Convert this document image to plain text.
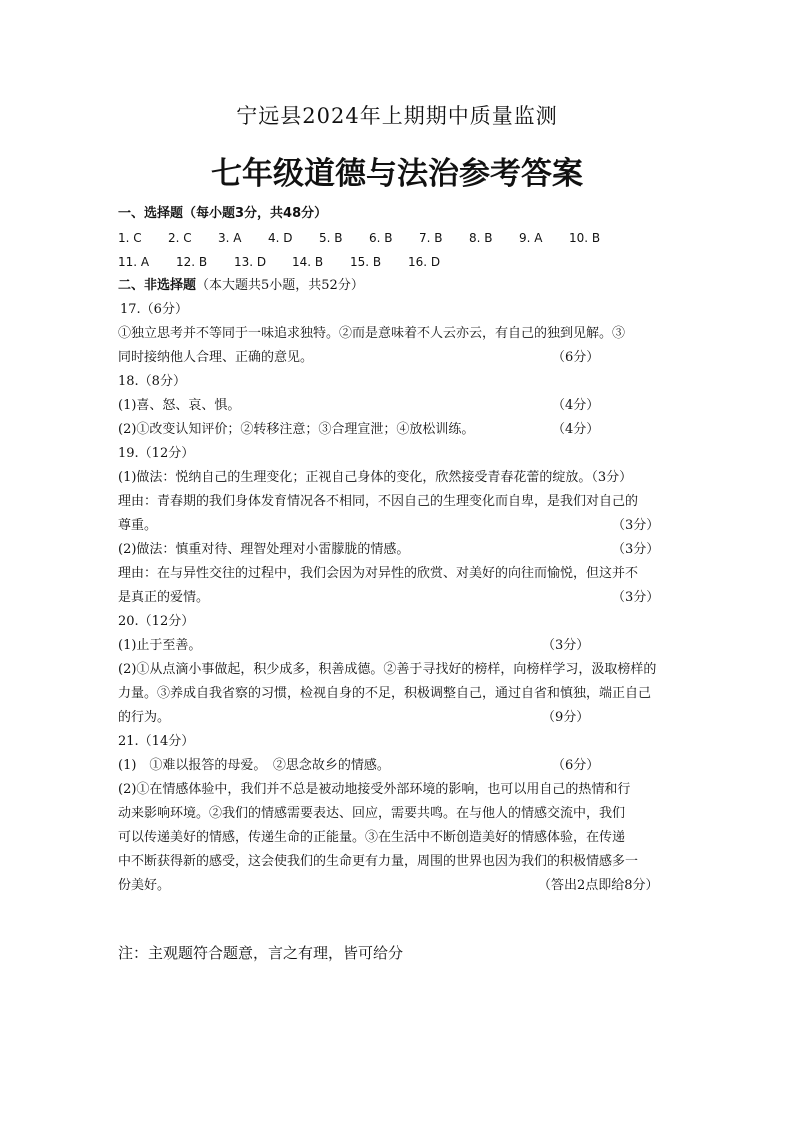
宁远县2024年上期期中质量监测
七年级道德与法治参考答案
一、选择题（每小题3分，共48分）
1. C 2. C 3. A 4. D 5. B 6. B 7. B 8. B 9. A 10. B
11. A 12. B 13. D 14. B 15. B 16. D
二、非选择题（本大题共5小题，共52分）
17.（6分）
①独立思考并不等同于一味追求独特。②而是意味着不人云亦云，有自己的独到见解。③
同时接纳他人合理、正确的意见。	（6分）
18.（8分）
(1)喜、怒、哀、惧。	（4分）
(2)①改变认知评价；②转移注意；③合理宣泄；④放松训练。	（4分）
19.（12分）
(1)做法：悦纳自己的生理变化；正视自己身体的变化，欣然接受青春花蕾的绽放。（3分）
理由：青春期的我们身体发育情况各不相同，不因自己的生理变化而自卑，是我们对自己的
尊重。	（3分）
(2)做法：慎重对待、理智处理对小雷朦胧的情感。	（3分）
理由：在与异性交往的过程中，我们会因为对异性的欣赏、对美好的向往而愉悦，但这并不
是真正的爱情。	（3分）
20.（12分）
(1)止于至善。	（3分）
(2)①从点滴小事做起，积少成多，积善成德。②善于寻找好的榜样，向榜样学习，汲取榜样的
力量。③养成自我省察的习惯，检视自身的不足，积极调整自己，通过自省和慎独，端正自己
的行为。	（9分）
21.（14分）
(1)　①难以报答的母爱。　②思念故乡的情感。	（6分）
(2)①在情感体验中，我们并不总是被动地接受外部环境的影响，也可以用自己的热情和行
动来影响环境。②我们的情感需要表达、回应，需要共鸣。在与他人的情感交流中，我们
可以传递美好的情感，传递生命的正能量。③在生活中不断创造美好的情感体验，在传递
中不断获得新的感受，这会使我们的生命更有力量，周围的世界也因为我们的积极情感多一
份美好。	（答出2点即给8分）
注：主观题符合题意，言之有理，皆可给分
